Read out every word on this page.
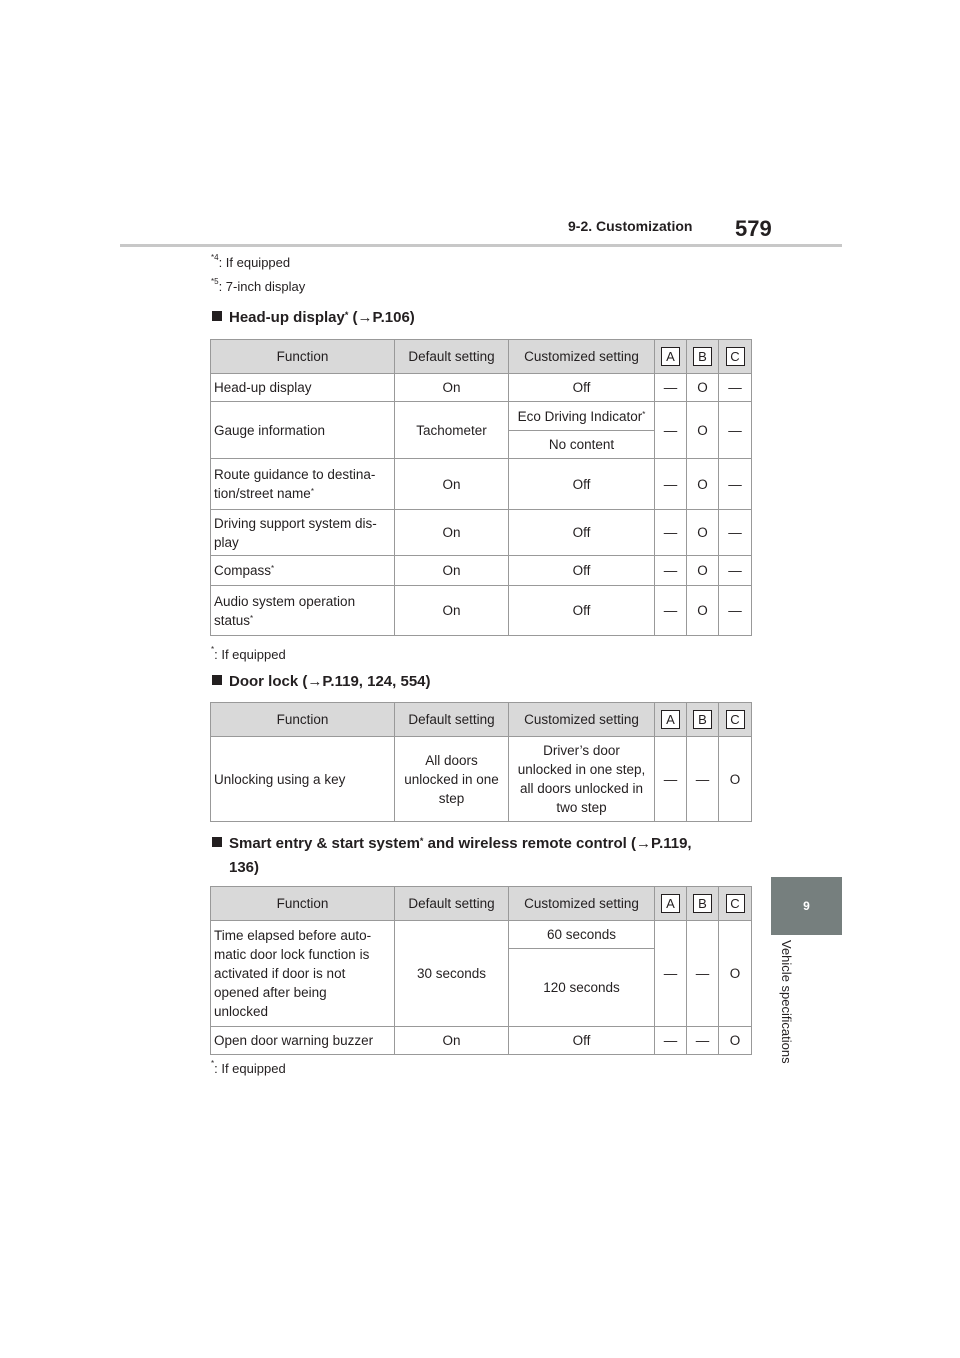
9-2. Customization 579
9
Vehicle specifications
$^{*4}$: If equipped
$^{*5}$: 7-inch display
Head-up display* (→P.106)
Function	Default setting	Customized setting	A	B	C
Head-up display	On	Off	—	O	—
Gauge information	Tachometer	Eco Driving Indicator*	—	O	—
		No content			
Route guidance to destina-
tion/street name*	On	Off	—	O	—
Driving support system dis-
play	On	Off	—	O	—
Compass*	On	Off	—	O	—
Audio system operation
status*	On	Off	—	O	—
*: If equipped
Door lock (→P.119, 124, 554)
Function	Default setting	Customized setting	A	B	C
Unlocking using a key	All doors
unlocked in one
step	Driver’s door
unlocked in one step,
all doors unlocked in
two step	—	—	O
Smart entry & start system* and wireless remote control (→P.119,
136)
Function	Default setting	Customized setting	A	B	C
Time elapsed before auto-
matic door lock function is
activated if door is not
opened after being
unlocked	30 seconds	60 seconds	—	—	O
		120 seconds			
Open door warning buzzer	On	Off	—	—	O
*: If equipped
